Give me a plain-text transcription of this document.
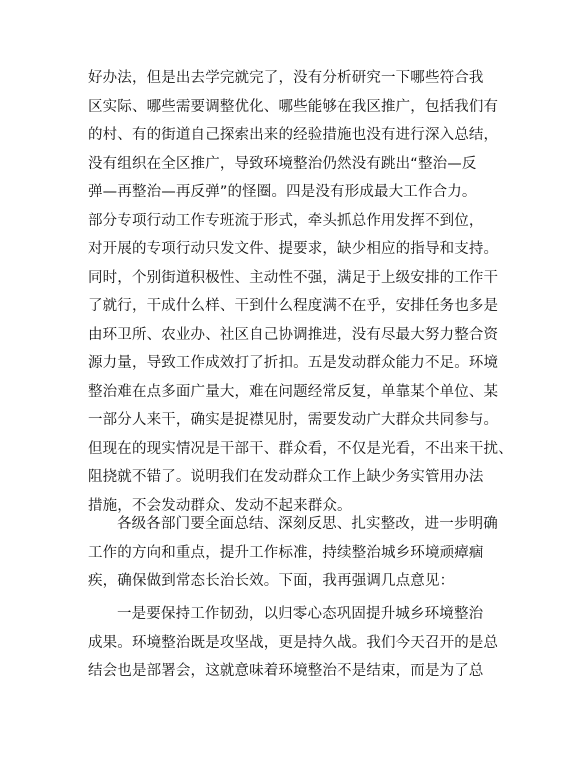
好办法，但是出去学完就完了，没有分析研究一下哪些符合我
区实际、哪些需要调整优化、哪些能够在我区推广，包括我们有
的村、有的街道自己探索出来的经验措施也没有进行深入总结，
没有组织在全区推广，导致环境整治仍然没有跳出“整治—反
弹—再整治—再反弹”的怪圈。四是没有形成最大工作合力。
部分专项行动工作专班流于形式，牵头抓总作用发挥不到位，
对开展的专项行动只发文件、提要求，缺少相应的指导和支持。
同时，个别街道积极性、主动性不强，满足于上级安排的工作干
了就行，干成什么样、干到什么程度满不在乎，安排任务也多是
由环卫所、农业办、社区自己协调推进，没有尽最大努力整合资
源力量，导致工作成效打了折扣。五是发动群众能力不足。环境
整治难在点多面广量大，难在问题经常反复，单靠某个单位、某
一部分人来干，确实是捉襟见肘，需要发动广大群众共同参与。
但现在的现实情况是干部干、群众看，不仅是光看，不出来干扰、
阻挠就不错了。说明我们在发动群众工作上缺少务实管用办法
措施，不会发动群众、发动不起来群众。
各级各部门要全面总结、深刻反思、扎实整改，进一步明确
工作的方向和重点，提升工作标准，持续整治城乡环境顽瘴痼
疾，确保做到常态长治长效。下面，我再强调几点意见：
一是要保持工作韧劲，以归零心态巩固提升城乡环境整治
成果。环境整治既是攻坚战，更是持久战。我们今天召开的是总
结会也是部署会，这就意味着环境整治不是结束，而是为了总
